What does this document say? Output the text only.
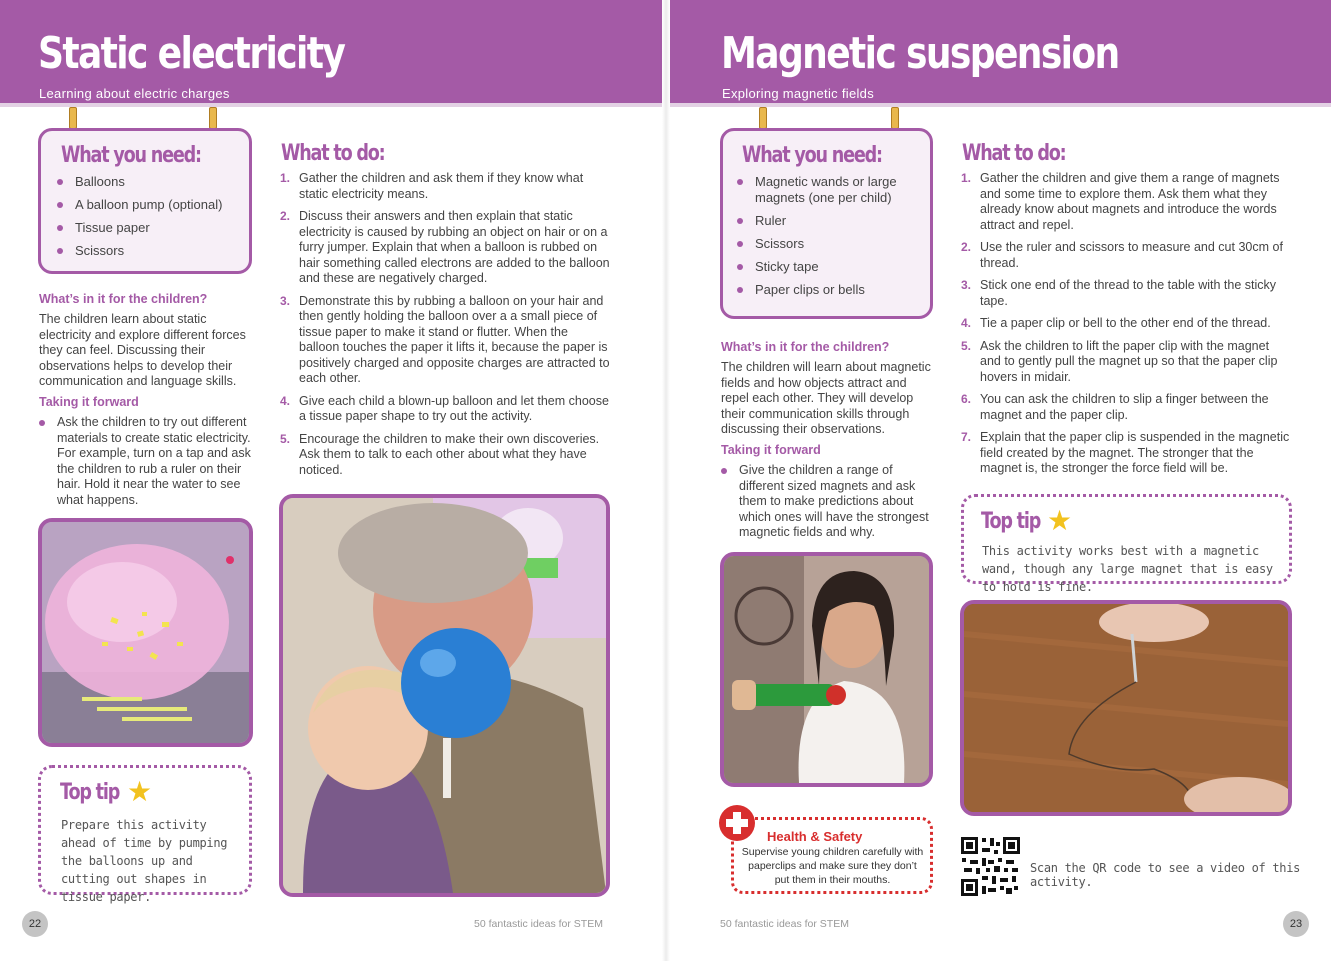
Static electricity
Learning about electric charges
Magnetic suspension
Exploring magnetic fields
What you need:
Balloons
A balloon pump (optional)
Tissue paper
Scissors
What’s in it for the children?
The children learn about static electricity and explore different forces they can feel. Discussing their observations helps to develop their communication and language skills.
Taking it forward
Ask the children to try out different materials to create static electricity. For example, turn on a tap and ask the children to rub a ruler on their hair. Hold it near the water to see what happens.
Top tip ★
Prepare this activity ahead of time by pumping the balloons up and cutting out shapes in tissue paper.
What to do:
1. Gather the children and ask them if they know what static electricity means.
2. Discuss their answers and then explain that static electricity is caused by rubbing an object on hair or on a furry jumper. Explain that when a balloon is rubbed on hair something called electrons are added to the balloon and these are negatively charged.
3. Demonstrate this by rubbing a balloon on your hair and then gently holding the balloon over a a small piece of tissue paper to make it stand or flutter. When the balloon touches the paper it lifts it, because the paper is positively charged and opposite charges are attracted to each other.
4. Give each child a blown-up balloon and let them choose a tissue paper shape to try out the activity.
5. Encourage the children to make their own discoveries. Ask them to talk to each other about what they have noticed.
22	50 fantastic ideas for STEM
What you need:
Magnetic wands or large magnets (one per child)
Ruler
Scissors
Sticky tape
Paper clips or bells
What’s in it for the children?
The children will learn about magnetic fields and how objects attract and repel each other. They will develop their communication skills through discussing their observations.
Taking it forward
Give the children a range of different sized magnets and ask them to make predictions about which ones will have the strongest magnetic fields and why.
Health & Safety
Supervise young children carefully with paperclips and make sure they don’t put them in their mouths.
What to do:
1. Gather the children and give them a range of magnets and some time to explore them. Ask them what they already know about magnets and introduce the words attract and repel.
2. Use the ruler and scissors to measure and cut 30cm of thread.
3. Stick one end of the thread to the table with the sticky tape.
4. Tie a paper clip or bell to the other end of the thread.
5. Ask the children to lift the paper clip with the magnet and to gently pull the magnet up so that the paper clip hovers in midair.
6. You can ask the children to slip a finger between the magnet and the paper clip.
7. Explain that the paper clip is suspended in the magnetic field created by the magnet. The stronger that the magnet is, the stronger the force field will be.
Top tip ★
This activity works best with a magnetic wand, though any large magnet that is easy to hold is fine.
Scan the QR code to see a video of this activity.
50 fantastic ideas for STEM	23
